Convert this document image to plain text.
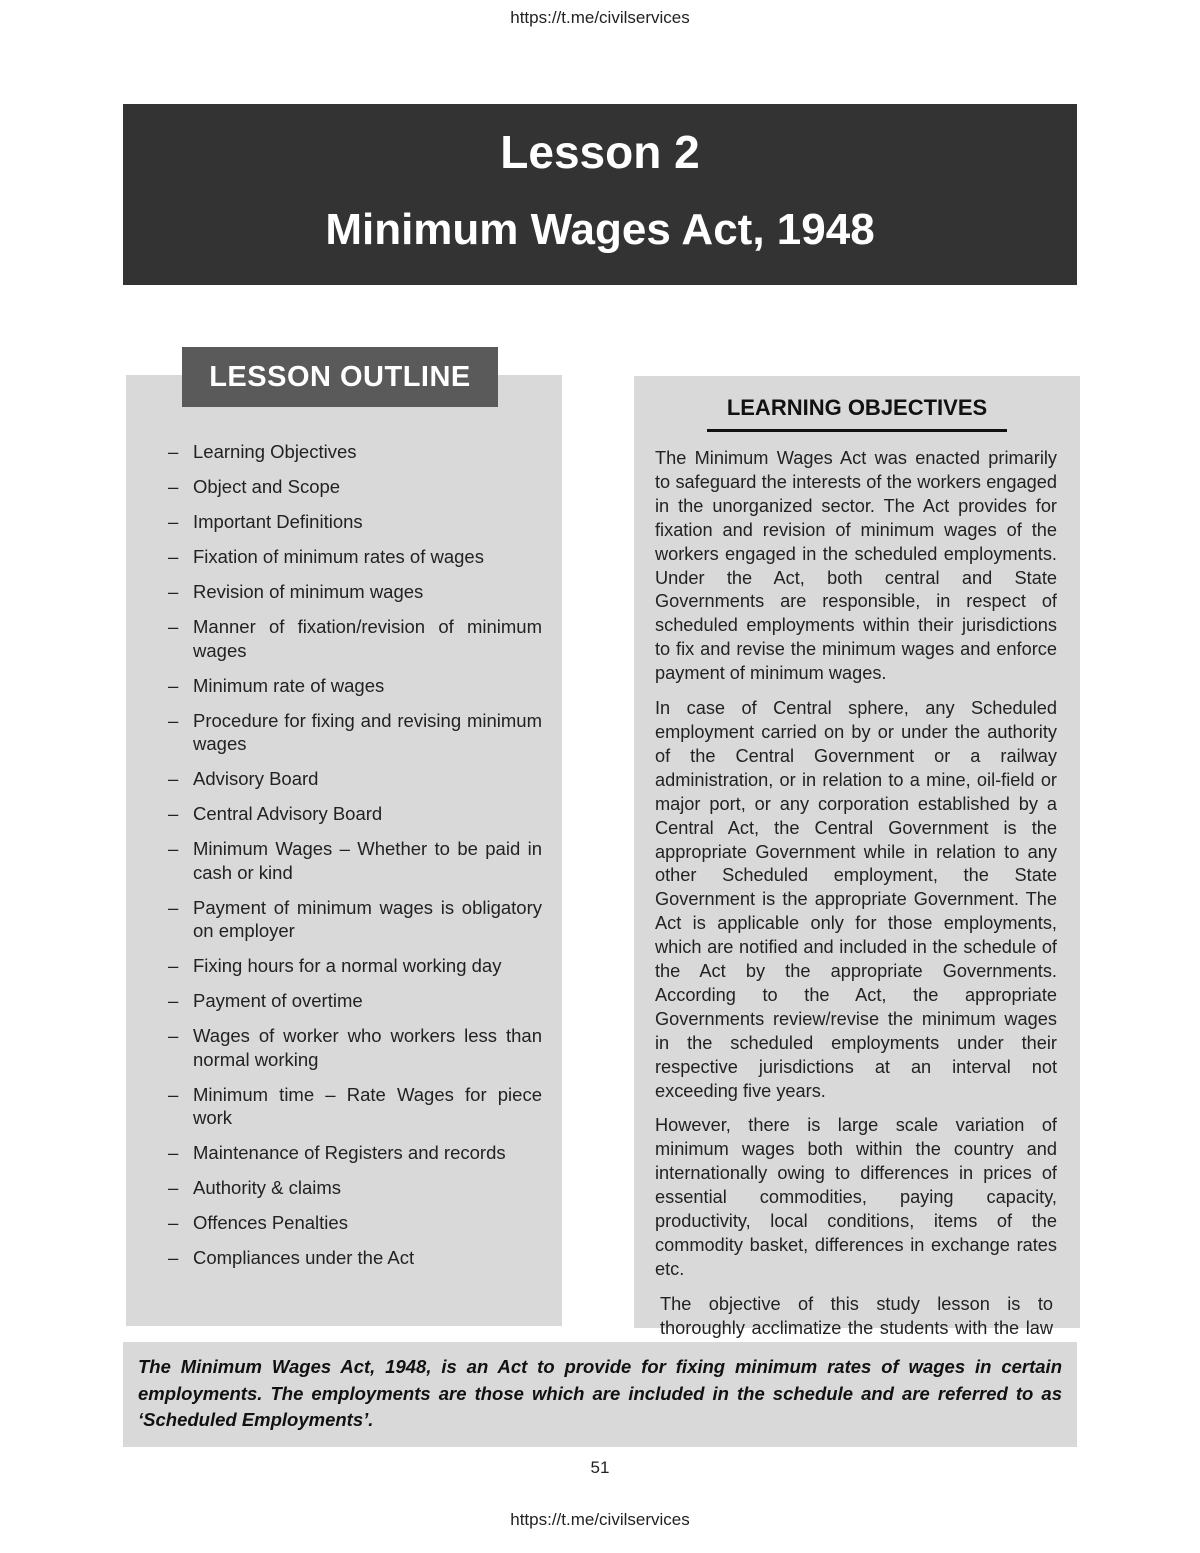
https://t.me/civilservices
Lesson 2
Minimum Wages Act, 1948
LESSON OUTLINE
– Learning Objectives
– Object and Scope
– Important Definitions
– Fixation of minimum rates of wages
– Revision of minimum wages
– Manner of fixation/revision of minimum wages
– Minimum rate of wages
– Procedure for fixing and revising minimum wages
– Advisory Board
– Central Advisory Board
– Minimum Wages – Whether to be paid in cash or kind
– Payment of minimum wages is obligatory on employer
– Fixing hours for a normal working day
– Payment of overtime
– Wages of worker who workers less than normal working
– Minimum time – Rate Wages for piece work
– Maintenance of Registers and records
– Authority & claims
– Offences Penalties
– Compliances under the Act
LEARNING OBJECTIVES

The Minimum Wages Act was enacted primarily to safeguard the interests of the workers engaged in the unorganized sector. The Act provides for fixation and revision of minimum wages of the workers engaged in the scheduled employments. Under the Act, both central and State Governments are responsible, in respect of scheduled employments within their jurisdictions to fix and revise the minimum wages and enforce payment of minimum wages.

In case of Central sphere, any Scheduled employment carried on by or under the authority of the Central Government or a railway administration, or in relation to a mine, oil-field or major port, or any corporation established by a Central Act, the Central Government is the appropriate Government while in relation to any other Scheduled employment, the State Government is the appropriate Government. The Act is applicable only for those employments, which are notified and included in the schedule of the Act by the appropriate Governments. According to the Act, the appropriate Governments review/revise the minimum wages in the scheduled employments under their respective jurisdictions at an interval not exceeding five years.

However, there is large scale variation of minimum wages both within the country and internationally owing to differences in prices of essential commodities, paying capacity, productivity, local conditions, items of the commodity basket, differences in exchange rates etc.

The objective of this study lesson is to thoroughly acclimatize the students with the law

The Minimum Wages Act, 1948, is an Act to provide for fixing minimum rates of wages in certain employments. The employments are those which are included in the schedule and are referred to as ‘Scheduled Employments’.
51
https://t.me/civilservices
